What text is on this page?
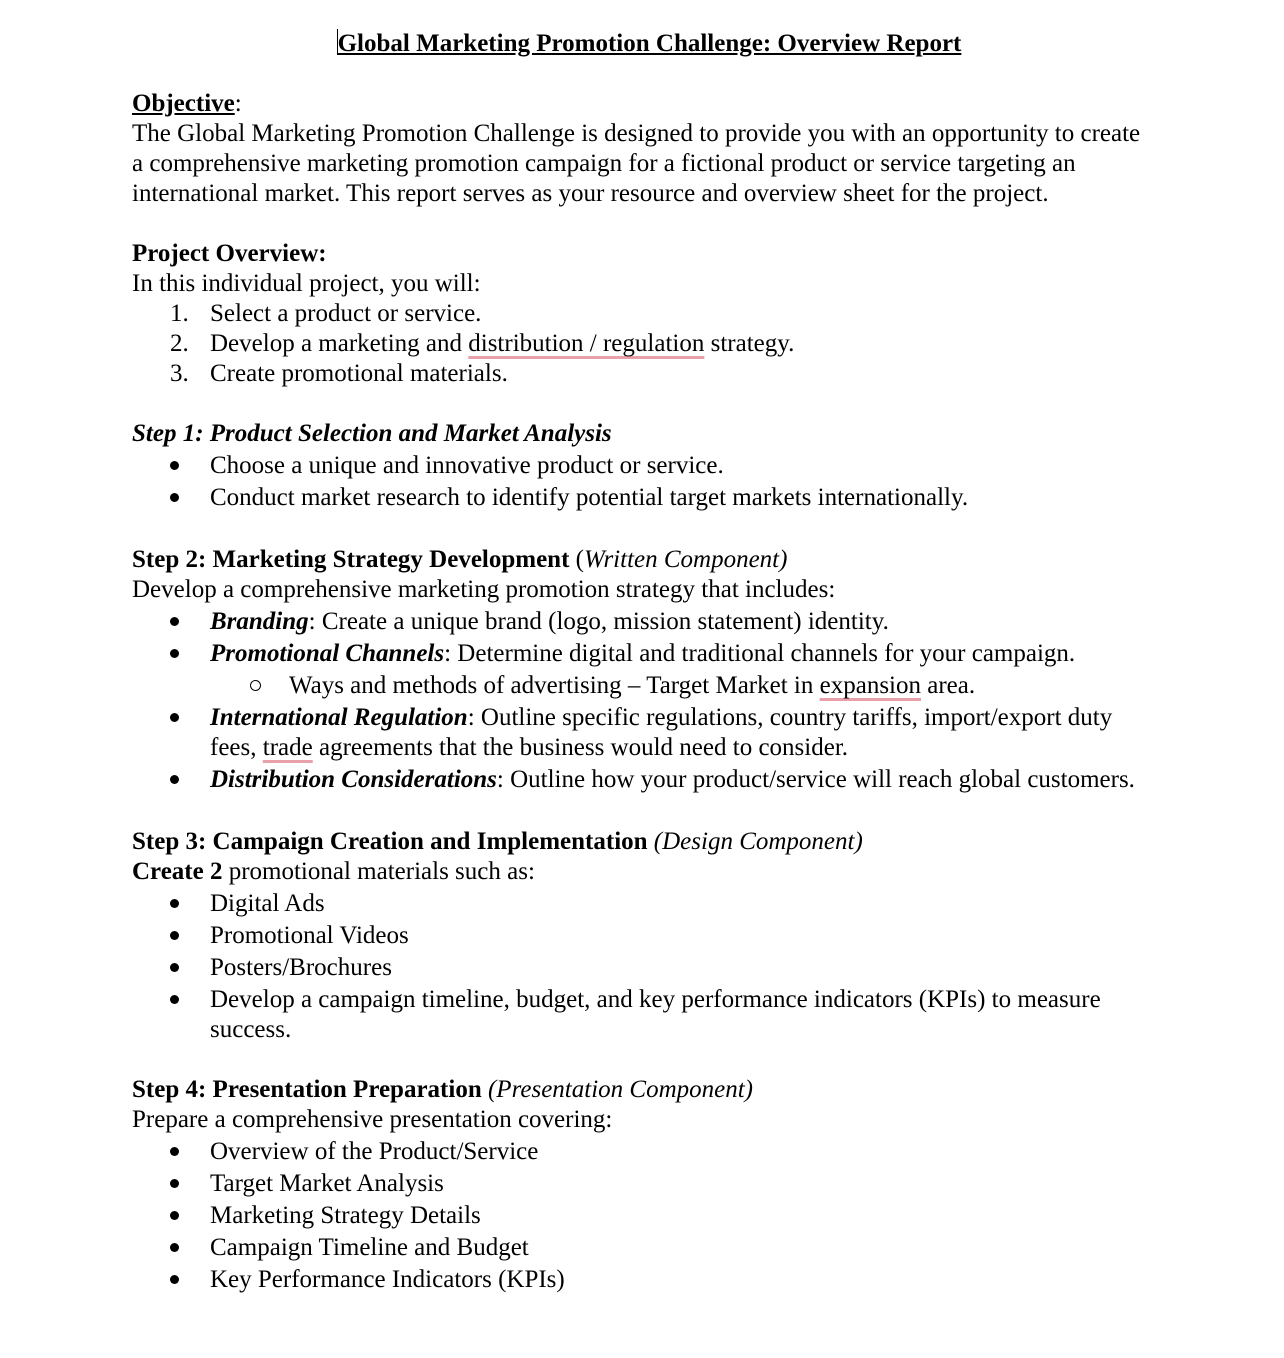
Global Marketing Promotion Challenge: Overview Report

Objective:

The Global Marketing Promotion Challenge is designed to provide you with an opportunity to create a comprehensive marketing promotion campaign for a fictional product or service targeting an international market. This report serves as your resource and overview sheet for the project.

Project Overview:

In this individual project, you will:

1. Select a product or service.
2. Develop a marketing and distribution / regulation strategy.
3. Create promotional materials.

Step 1: Product Selection and Market Analysis

Choose a unique and innovative product or service.
Conduct market research to identify potential target markets internationally.

Step 2: Marketing Strategy Development (Written Component)

Develop a comprehensive marketing promotion strategy that includes:

Branding: Create a unique brand (logo, mission statement) identity.
Promotional Channels: Determine digital and traditional channels for your campaign.
Ways and methods of advertising – Target Market in expansion area.
International Regulation: Outline specific regulations, country tariffs, import/export duty fees, trade agreements that the business would need to consider.
Distribution Considerations: Outline how your product/service will reach global customers.

Step 3: Campaign Creation and Implementation (Design Component)

Create 2 promotional materials such as:

Digital Ads
Promotional Videos
Posters/Brochures
Develop a campaign timeline, budget, and key performance indicators (KPIs) to measure success.

Step 4: Presentation Preparation (Presentation Component)

Prepare a comprehensive presentation covering:

Overview of the Product/Service
Target Market Analysis
Marketing Strategy Details
Campaign Timeline and Budget
Key Performance Indicators (KPIs)
